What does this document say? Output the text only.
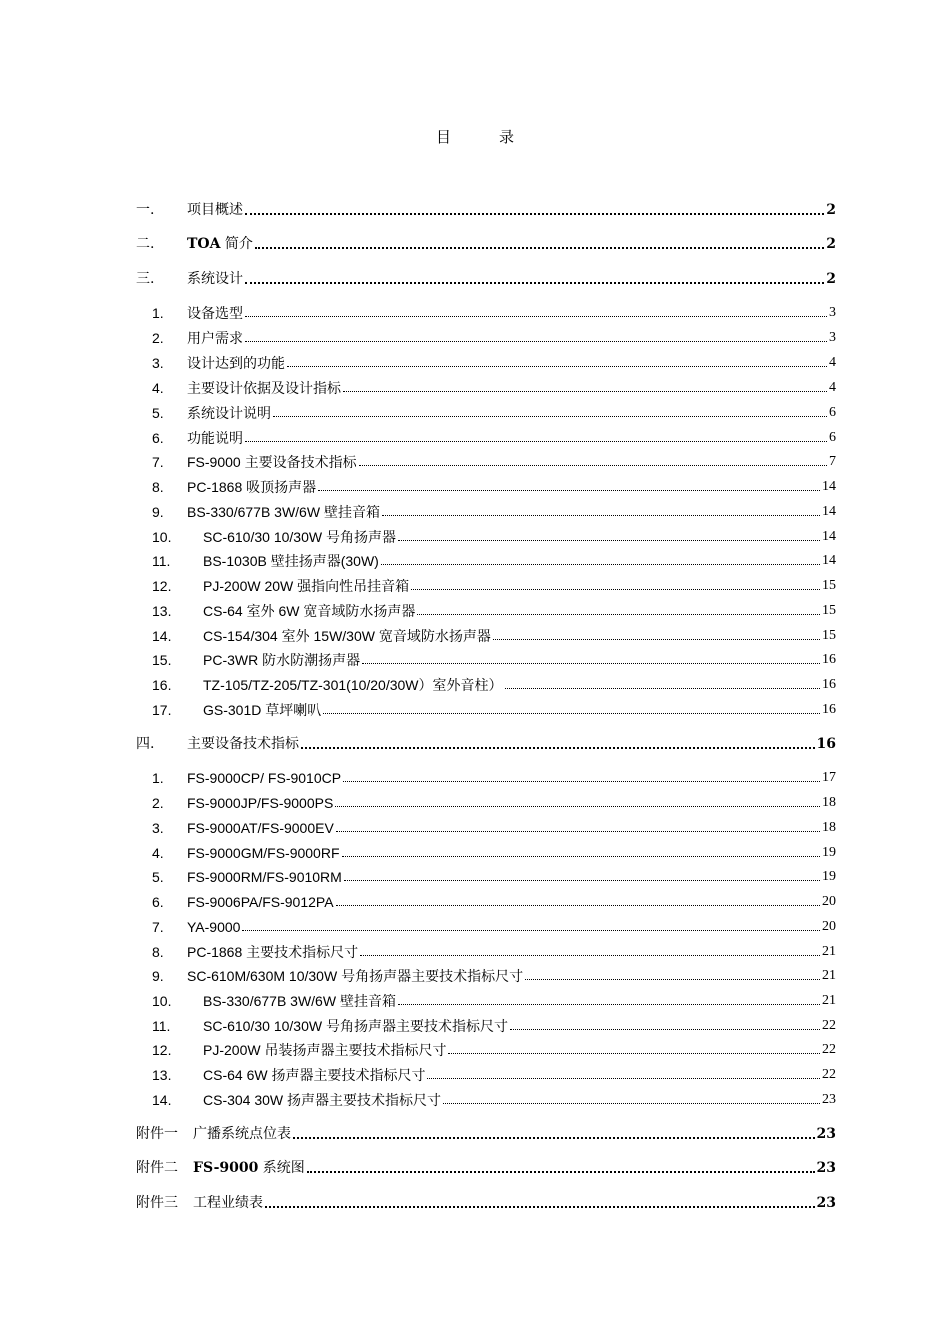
目	录
一.	项目概述	2
二.	TOA 简介	2
三.	系统设计	2
1.	设备选型	3
2.	用户需求	3
3.	设计达到的功能	4
4.	主要设计依据及设计指标	4
5.	系统设计说明	6
6.	功能说明	6
7.	FS-9000 主要设备技术指标	7
8.	PC-1868 吸顶扬声器	14
9.	BS-330/677B 3W/6W 壁挂音箱	14
10.	SC-610/30 10/30W 号角扬声器	14
11.	BS-1030B 壁挂扬声器(30W)	14
12.	PJ-200W 20W 强指向性吊挂音箱	15
13.	CS-64 室外 6W 宽音域防水扬声器	15
14.	CS-154/304 室外 15W/30W 宽音域防水扬声器	15
15.	PC-3WR 防水防潮扬声器	16
16.	TZ-105/TZ-205/TZ-301(10/20/30W）室外音柱）	16
17.	GS-301D 草坪喇叭	16
四.	主要设备技术指标	16
1.	FS-9000CP/ FS-9010CP	17
2.	FS-9000JP/FS-9000PS	18
3.	FS-9000AT/FS-9000EV	18
4.	FS-9000GM/FS-9000RF	19
5.	FS-9000RM/FS-9010RM	19
6.	FS-9006PA/FS-9012PA	20
7.	YA-9000	20
8.	PC-1868 主要技术指标尺寸	21
9.	SC-610M/630M 10/30W 号角扬声器主要技术指标尺寸	21
10.	BS-330/677B 3W/6W 壁挂音箱	21
11.	SC-610/30 10/30W 号角扬声器主要技术指标尺寸	22
12.	PJ-200W 吊装扬声器主要技术指标尺寸	22
13.	CS-64 6W 扬声器主要技术指标尺寸	22
14.	CS-304 30W 扬声器主要技术指标尺寸	23
附件一	广播系统点位表	23
附件二	FS-9000 系统图	23
附件三	工程业绩表	23
